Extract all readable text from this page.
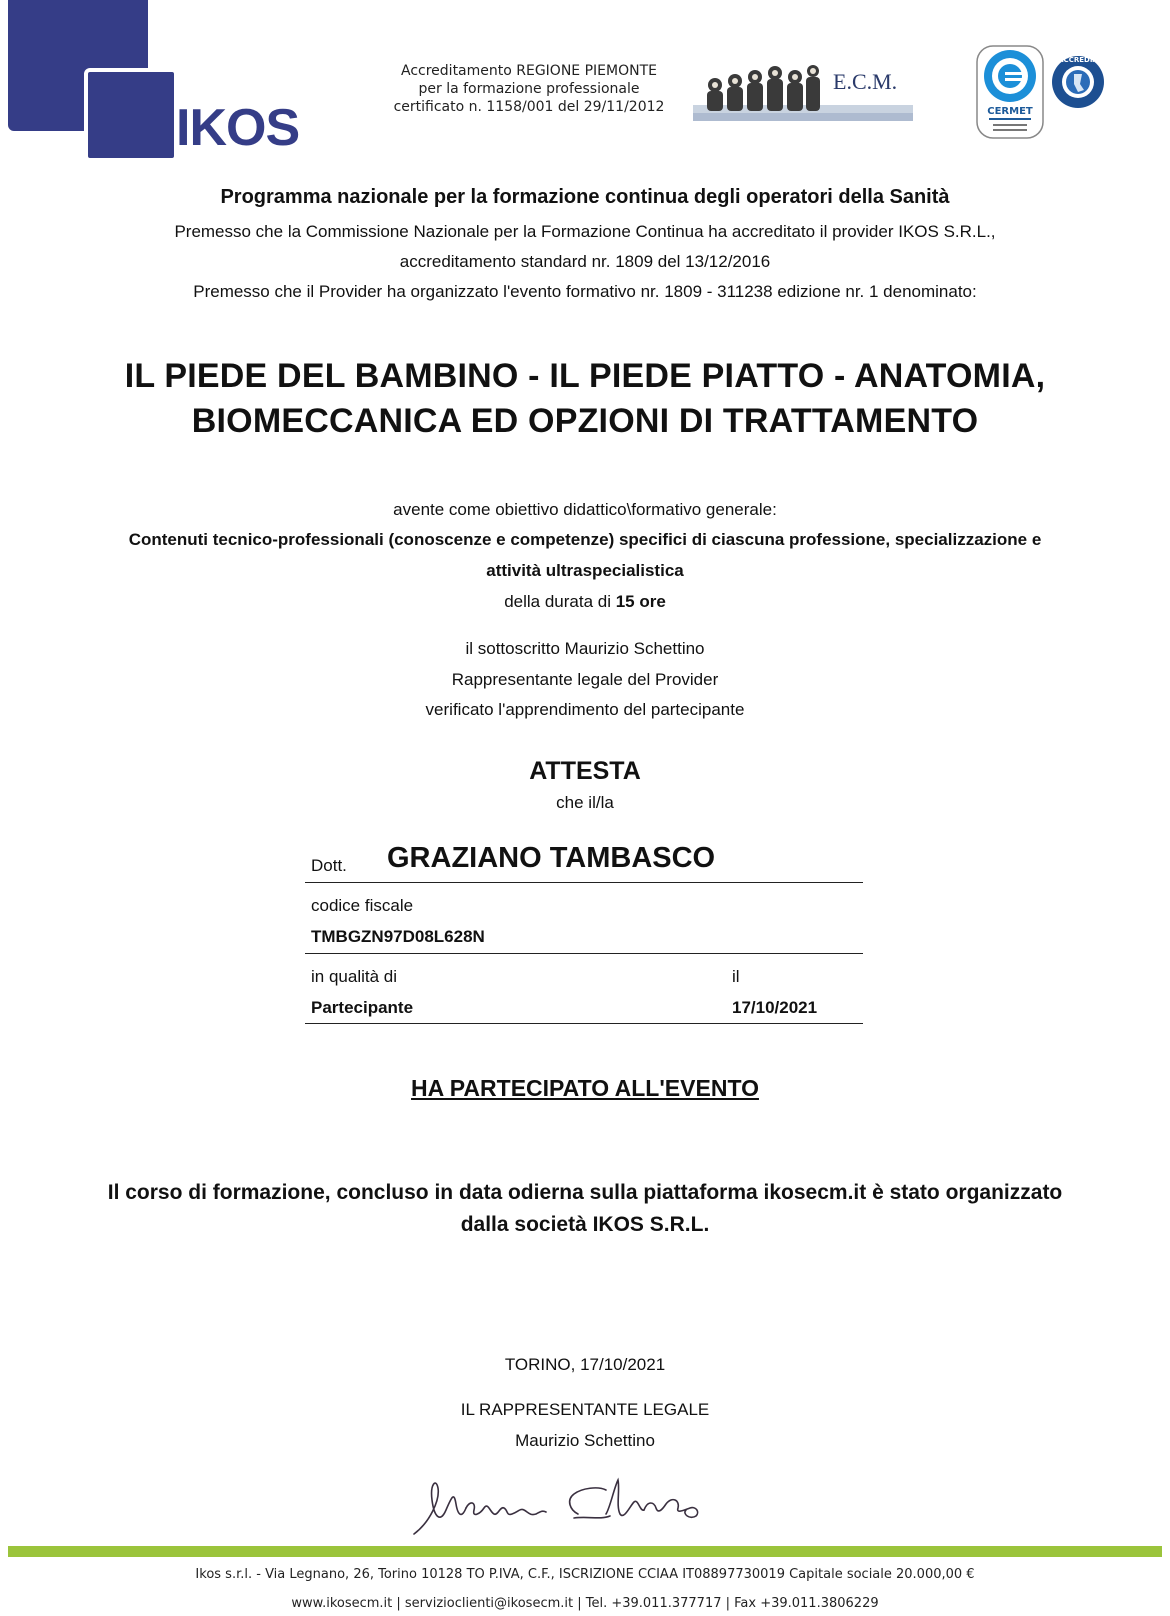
IKOS
Accreditamento REGIONE PIEMONTE
per la formazione professionale
certificato n. 1158/001 del 29/11/2012
E.C.M.
CERMET
ACCREDIA
Programma nazionale per la formazione continua degli operatori della Sanità
Premesso che la Commissione Nazionale per la Formazione Continua ha accreditato il provider IKOS S.R.L.,
accreditamento standard nr. 1809 del 13/12/2016
Premesso che il Provider ha organizzato l'evento formativo nr. 1809 - 311238 edizione nr. 1 denominato:
IL PIEDE DEL BAMBINO - IL PIEDE PIATTO - ANATOMIA,
BIOMECCANICA ED OPZIONI DI TRATTAMENTO
avente come obiettivo didattico\formativo generale:
Contenuti tecnico-professionali (conoscenze e competenze) specifici di ciascuna professione, specializzazione e
attività ultraspecialistica
della durata di 15 ore
il sottoscritto Maurizio Schettino
Rappresentante legale del Provider
verificato l'apprendimento del partecipante
ATTESTA
che il/la
Dott. GRAZIANO TAMBASCO
codice fiscale
TMBGZN97D08L628N
in qualità di
Partecipante
il
17/10/2021
HA PARTECIPATO ALL'EVENTO
Il corso di formazione, concluso in data odierna sulla piattaforma ikosecm.it è stato organizzato
dalla società IKOS S.R.L.
TORINO, 17/10/2021
IL RAPPRESENTANTE LEGALE
Maurizio Schettino
Ikos s.r.l. - Via Legnano, 26, Torino 10128 TO P.IVA, C.F., ISCRIZIONE CCIAA IT08897730019 Capitale sociale 20.000,00 €
www.ikosecm.it | servizioclienti@ikosecm.it | Tel. +39.011.377717 | Fax +39.011.3806229
